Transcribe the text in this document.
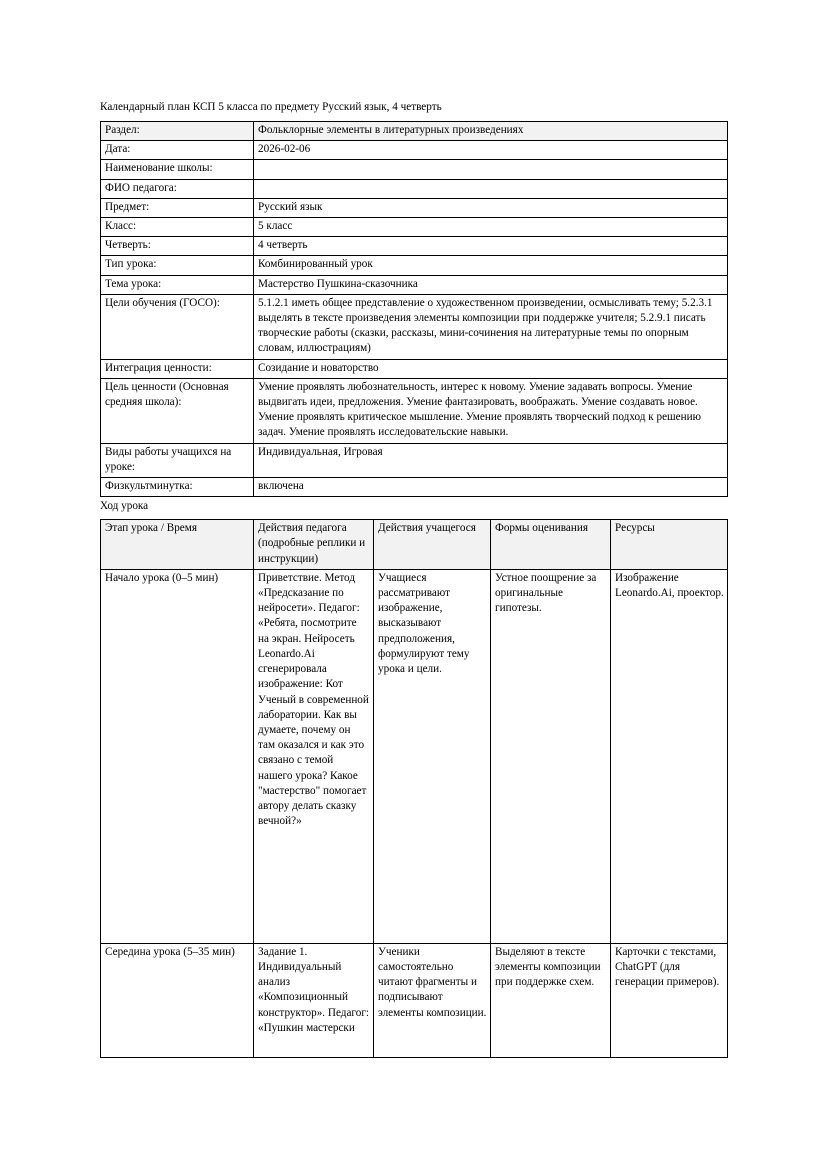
Календарный план КСП 5 класса по предмету Русский язык, 4 четверть

Раздел:	Фольклорные элементы в литературных произведениях
Дата:	2026-02-06
Наименование школы:	
ФИО педагога:	
Предмет:	Русский язык
Класс:	5 класс
Четверть:	4 четверть
Тип урока:	Комбинированный урок
Тема урока:	Мастерство Пушкина-сказочника
Цели обучения (ГОСО):	5.1.2.1 иметь общее представление о художественном произведении, осмысливать тему; 5.2.3.1 выделять в тексте произведения элементы композиции при поддержке учителя; 5.2.9.1 писать творческие работы (сказки, рассказы, мини-сочинения на литературные темы по опорным словам, иллюстрациям)
Интеграция ценности:	Созидание и новаторство
Цель ценности (Основная средняя школа):	Умение проявлять любознательность, интерес к новому. Умение задавать вопросы. Умение выдвигать идеи, предложения. Умение фантазировать, воображать. Умение создавать новое. Умение проявлять критическое мышление. Умение проявлять творческий подход к решению задач. Умение проявлять исследовательские навыки.
Виды работы учащихся на уроке:	Индивидуальная, Игровая
Физкультминутка:	включена

Ход урока

Этап урока / Время	Действия педагога (подробные реплики и инструкции)	Действия учащегося	Формы оценивания	Ресурсы
Начало урока (0–5 мин)	Приветствие. Метод «Предсказание по нейросети». Педагог: «Ребята, посмотрите на экран. Нейросеть Leonardo.Ai сгенерировала изображение: Кот Ученый в современной лаборатории. Как вы думаете, почему он там оказался и как это связано с темой нашего урока? Какое "мастерство" помогает автору делать сказку вечной?»	Учащиеся рассматривают изображение, высказывают предположения, формулируют тему урока и цели.	Устное поощрение за оригинальные гипотезы.	Изображение Leonardo.Ai, проектор.
Середина урока (5–35 мин)	Задание 1. Индивидуальный анализ «Композиционный конструктор». Педагог: «Пушкин мастерски	Ученики самостоятельно читают фрагменты и подписывают элементы композиции.	Выделяют в тексте элементы композиции при поддержке схем.	Карточки с текстами, ChatGPT (для генерации примеров).
